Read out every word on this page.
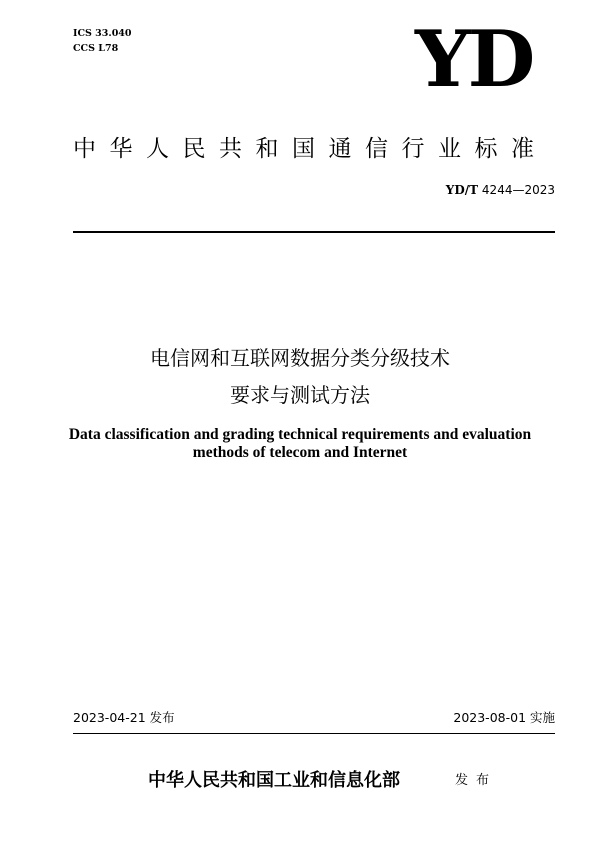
ICS 33.040
CCS L78	YD
中华人民共和国通信行业标准
YD/T 4244—2023
电信网和互联网数据分类分级技术
要求与测试方法
Data classification and grading technical requirements and evaluation
methods of telecom and Internet
2023-04-21 发布	2023-08-01 实施
中华人民共和国工业和信息化部	发布
